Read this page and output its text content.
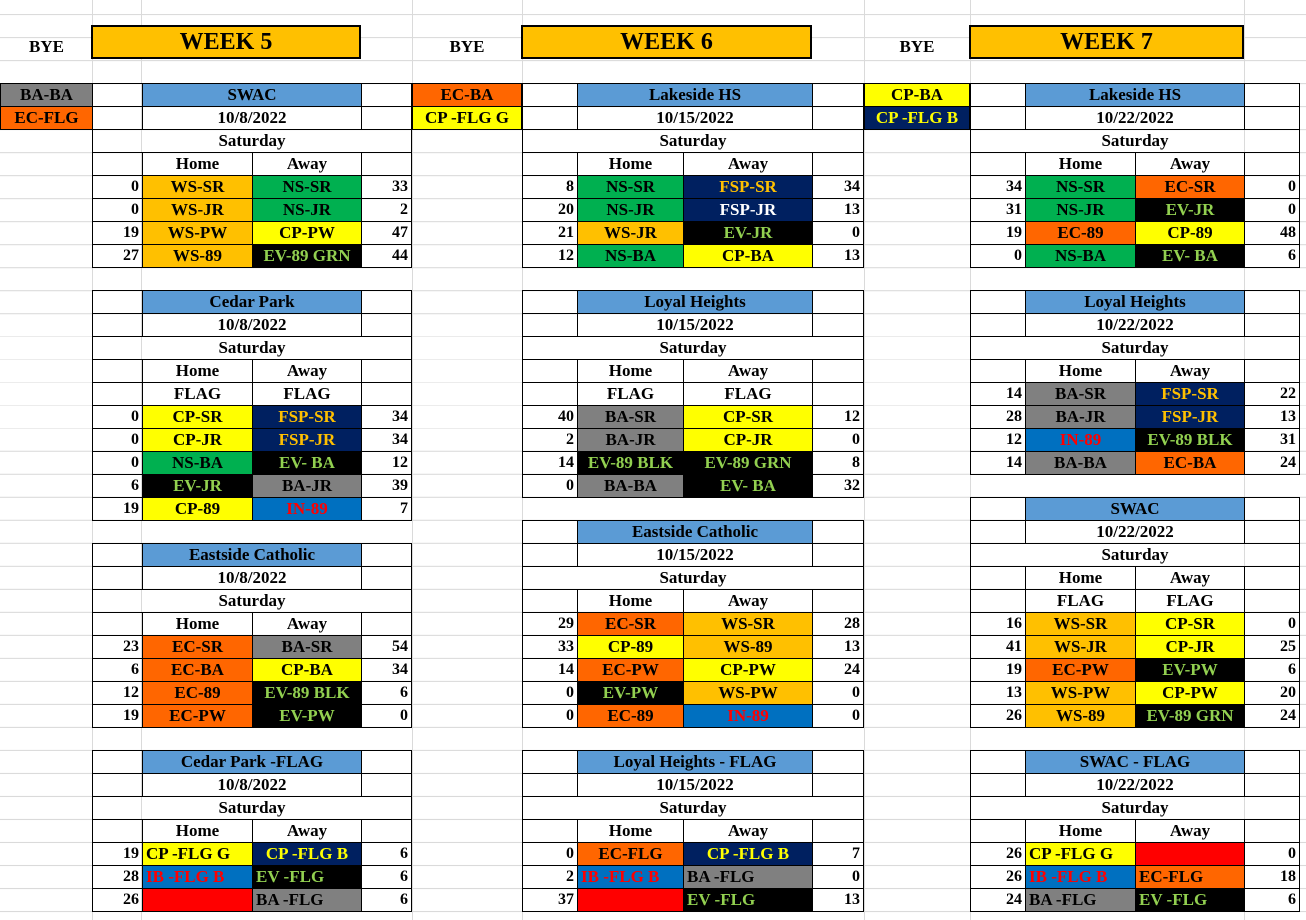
BYE	WEEK 5
BA-BA
EC-FLG
SWAC
10/8/2022
Saturday
Home	Away
0	WS-SR	NS-SR	33
0	WS-JR	NS-JR	2
19	WS-PW	CP-PW	47
27	WS-89	EV-89 GRN	44
Cedar Park
10/8/2022
Saturday
Home	Away
FLAG	FLAG
0	CP-SR	FSP-SR	34
0	CP-JR	FSP-JR	34
0	NS-BA	EV- BA	12
6	EV-JR	BA-JR	39
19	CP-89	IN-89	7
Eastside Catholic
10/8/2022
Saturday
Home	Away
23	EC-SR	BA-SR	54
6	EC-BA	CP-BA	34
12	EC-89	EV-89 BLK	6
19	EC-PW	EV-PW	0
Cedar Park -FLAG
10/8/2022
Saturday
Home	Away
19 CP -FLG G	CP -FLG B	6
28 IB -FLG B	EV -FLG	6
26 IB -FLG R	BA -FLG	6
BYE	WEEK 6
EC-BA
CP -FLG G
Lakeside HS
10/15/2022
Saturday
Home	Away
8	NS-SR	FSP-SR	34
20	NS-JR	FSP-JR	13
21	WS-JR	EV-JR	0
12	NS-BA	CP-BA	13
Loyal Heights
10/15/2022
Saturday
Home	Away
FLAG	FLAG
40	BA-SR	CP-SR	12
2	BA-JR	CP-JR	0
14 EV-89 BLK	EV-89 GRN	8
0	BA-BA	EV- BA	32
Eastside Catholic
10/15/2022
Saturday
Home	Away
29	EC-SR	WS-SR	28
33	CP-89	WS-89	13
14	EC-PW	CP-PW	24
0	EV-PW	WS-PW	0
0	EC-89	IN-89	0
Loyal Heights - FLAG
10/15/2022
Saturday
Home	Away
0	EC-FLG	CP -FLG B	7
2 IB -FLG B	BA -FLG	0
37 IB -FLG R	EV -FLG	13
BYE	WEEK 7
CP-BA
CP -FLG B
Lakeside HS
10/22/2022
Saturday
Home	Away
34	NS-SR	EC-SR	0
31	NS-JR	EV-JR	0
19	EC-89	CP-89	48
0	NS-BA	EV- BA	6
Loyal Heights
10/22/2022
Saturday
Home	Away
14	BA-SR	FSP-SR	22
28	BA-JR	FSP-JR	13
12	IN-89	EV-89 BLK	31
14	BA-BA	EC-BA	24
SWAC
10/22/2022
Saturday
Home	Away
FLAG	FLAG
16	WS-SR	CP-SR	0
41	WS-JR	CP-JR	25
19	EC-PW	EV-PW	6
13	WS-PW	CP-PW	20
26	WS-89	EV-89 GRN	24
SWAC - FLAG
10/22/2022
Saturday
Home	Away
26 CP -FLG G	IB -FLG R	0
26 IB -FLG B	EC-FLG	18
24 BA -FLG	EV -FLG	6
